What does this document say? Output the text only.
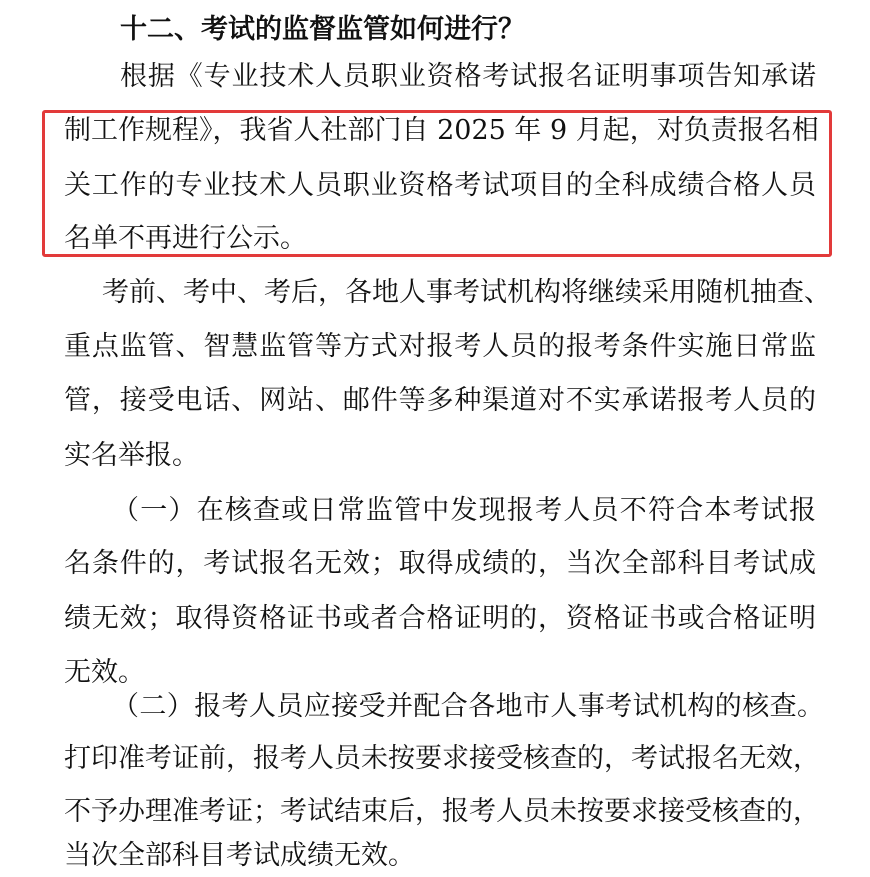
十二、考试的监督监管如何进行？

根据《专业技术人员职业资格考试报名证明事项告知承诺

制工作规程》，我省人社部门自 2025 年 9 月起，对负责报名相

关工作的专业技术人员职业资格考试项目的全科成绩合格人员

名单不再进行公示。

考前、考中、考后，各地人事考试机构将继续采用随机抽查、

重点监管、智慧监管等方式对报考人员的报考条件实施日常监

管，接受电话、网站、邮件等多种渠道对不实承诺报考人员的

实名举报。

（一）在核查或日常监管中发现报考人员不符合本考试报

名条件的，考试报名无效；取得成绩的，当次全部科目考试成

绩无效；取得资格证书或者合格证明的，资格证书或合格证明

无效。

（二）报考人员应接受并配合各地市人事考试机构的核查。

打印准考证前，报考人员未按要求接受核查的，考试报名无效，

不予办理准考证；考试结束后，报考人员未按要求接受核查的，

当次全部科目考试成绩无效。
